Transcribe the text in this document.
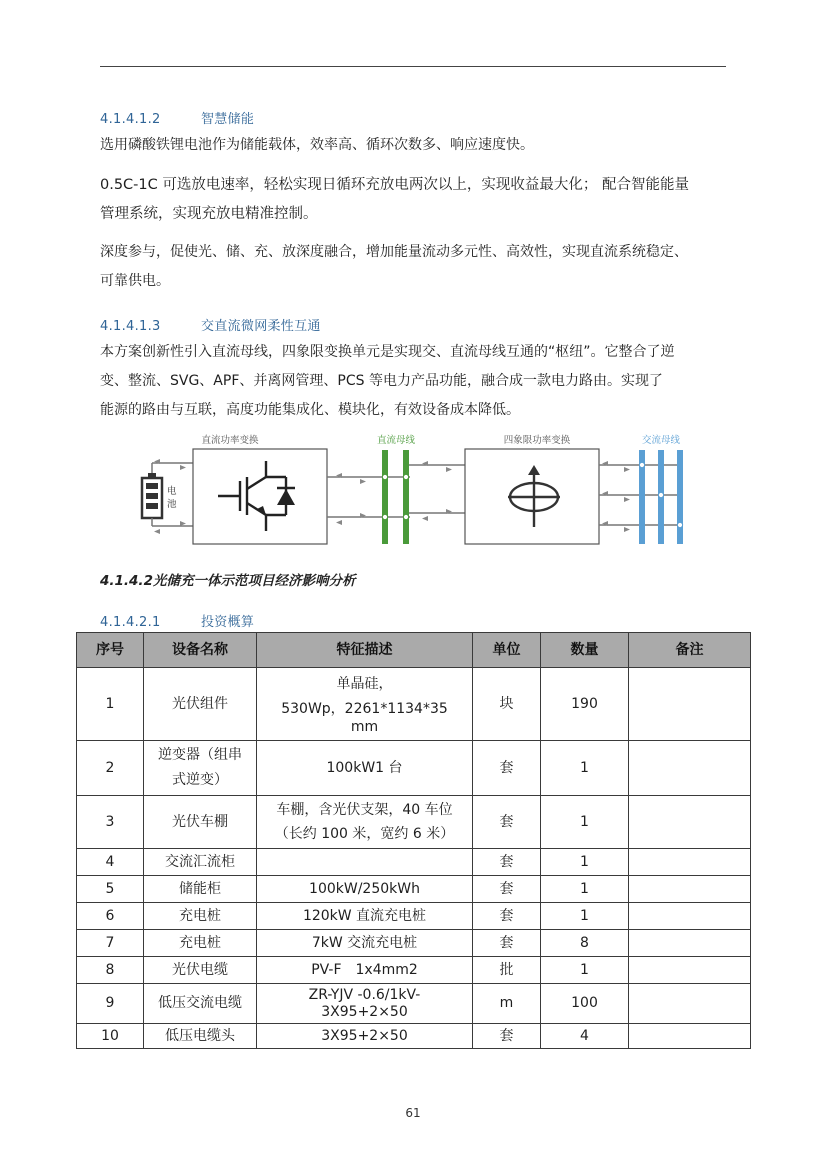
4.1.4.1.2	智慧储能
选用磷酸铁锂电池作为储能载体，效率高、循环次数多、响应速度快。
0.5C-1C 可选放电速率，轻松实现日循环充放电两次以上，实现收益最大化； 配合智能能量
管理系统，实现充放电精准控制。
深度参与，促使光、储、充、放深度融合，增加能量流动多元性、高效性，实现直流系统稳定、
可靠供电。
4.1.4.1.3	交直流微网柔性互通
本方案创新性引入直流母线，四象限变换单元是实现交、直流母线互通的“枢纽”。它整合了逆
变、整流、SVG、APF、并离网管理、PCS 等电力产品功能，融合成一款电力路由。实现了
能源的路由与互联，高度功能集成化、模块化，有效设备成本降低。
直流功率变换	直流母线	四象限功率变换	交流母线
电
池
4.1.4.2光储充一体示范项目经济影响分析
4.1.4.2.1	投资概算
序号	设备名称	特征描述	单位	数量	备注
1	光伏组件	单晶硅，
530Wp，2261*1134*35
mm	块	190	
2	逆变器（组串
式逆变）	100kW1 台	套	1	
3	光伏车棚	车棚，含光伏支架，40 车位
（长约 100 米，宽约 6 米）	套	1	
4	交流汇流柜		套	1	
5	储能柜	100kW/250kWh	套	1	
6	充电桩	120kW 直流充电桩	套	1	
7	充电桩	7kW 交流充电桩	套	8	
8	光伏电缆	PV-F　1x4mm2	批	1	
9	低压交流电缆	ZR-YJV -0.6/1kV-
3X95+2×50	m	100	
10	低压电缆头	3X95+2×50	套	4	
61
